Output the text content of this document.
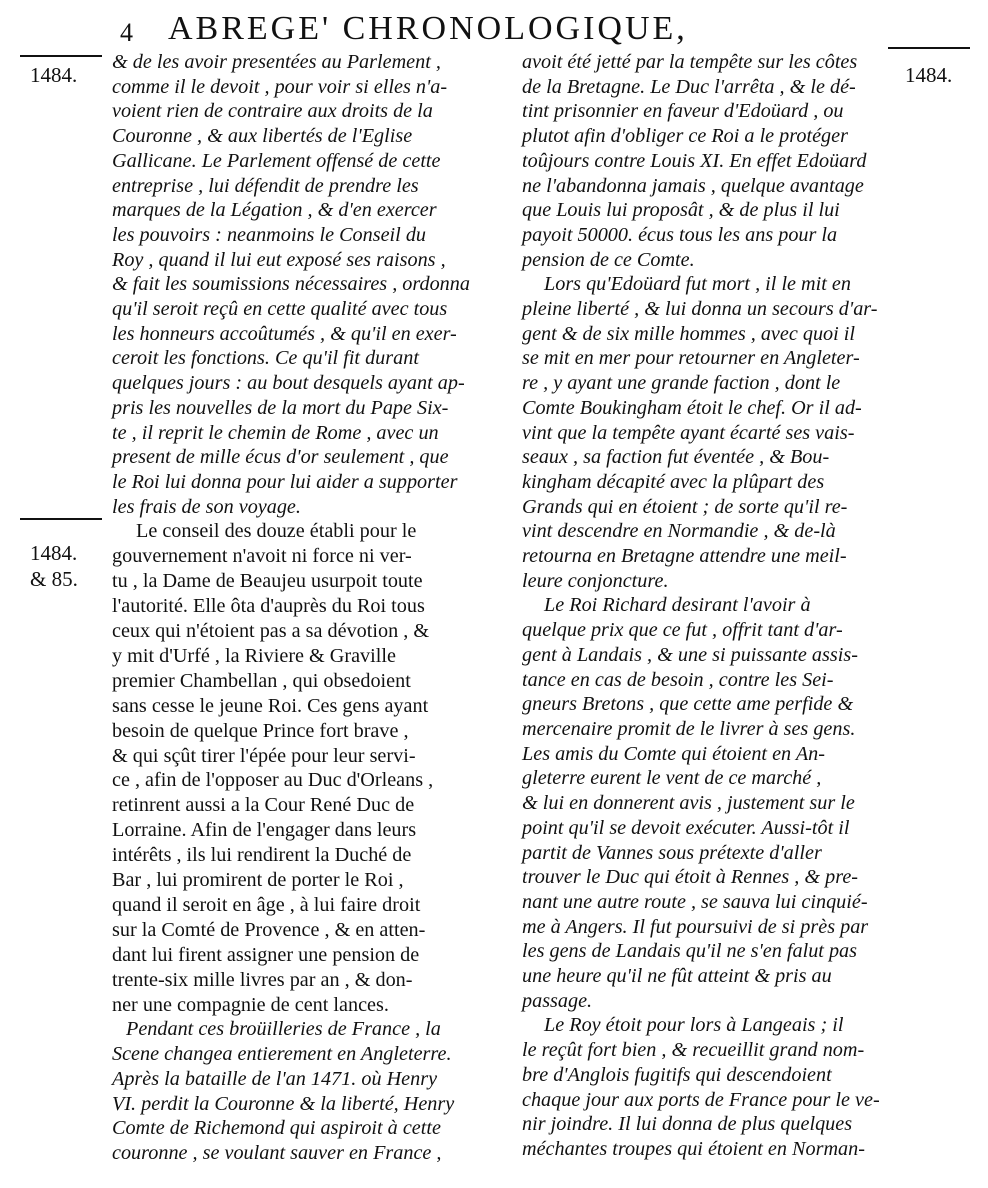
4 ABREGE' CHRONOLOGIQUE,
1484.	1484.
1484.
& 85.

& de les avoir presentées au Parlement ,
comme il le devoit , pour voir si elles n'a-
voient rien de contraire aux droits de la
Couronne , & aux libertés de l'Eglise
Gallicane. Le Parlement offensé de cette
entreprise , lui défendit de prendre les
marques de la Légation , & d'en exercer
les pouvoirs : neanmoins le Conseil du
Roy , quand il lui eut exposé ses raisons ,
& fait les soumissions nécessaires , ordonna
qu'il seroit reçû en cette qualité avec tous
les honneurs accoûtumés , & qu'il en exer-
ceroit les fonctions. Ce qu'il fit durant
quelques jours : au bout desquels ayant ap-
pris les nouvelles de la mort du Pape Six-
te , il reprit le chemin de Rome , avec un
present de mille écus d'or seulement , que
le Roi lui donna pour lui aider a supporter
les frais de son voyage.

Le conseil des douze établi pour le
gouvernement n'avoit ni force ni ver-
tu , la Dame de Beaujeu usurpoit toute
l'autorité. Elle ôta d'auprès du Roi tous
ceux qui n'étoient pas a sa dévotion , &
y mit d'Urfé , la Riviere & Graville
premier Chambellan , qui obsedoient
sans cesse le jeune Roi. Ces gens ayant
besoin de quelque Prince fort brave ,
& qui sçût tirer l'épée pour leur servi-
ce , afin de l'opposer au Duc d'Orleans ,
retinrent aussi a la Cour René Duc de
Lorraine. Afin de l'engager dans leurs
intérêts , ils lui rendirent la Duché de
Bar , lui promirent de porter le Roi ,
quand il seroit en âge , à lui faire droit
sur la Comté de Provence , & en atten-
dant lui firent assigner une pension de
trente-six mille livres par an , & don-
ner une compagnie de cent lances.

Pendant ces broüilleries de France , la
Scene changea entierement en Angleterre.
Après la bataille de l'an 1471. où Henry
VI. perdit la Couronne & la liberté, Henry
Comte de Richemond qui aspiroit à cette
couronne , se voulant sauver en France ,

avoit été jetté par la tempête sur les côtes
de la Bretagne. Le Duc l'arrêta , & le dé-
tint prisonnier en faveur d'Edoüard , ou
plutot afin d'obliger ce Roi a le protéger
toûjours contre Louis XI. En effet Edoüard
ne l'abandonna jamais , quelque avantage
que Louis lui proposât , & de plus il lui
payoit 50000. écus tous les ans pour la
pension de ce Comte.

Lors qu'Edoüard fut mort , il le mit en
pleine liberté , & lui donna un secours d'ar-
gent & de six mille hommes , avec quoi il
se mit en mer pour retourner en Angleter-
re , y ayant une grande faction , dont le
Comte Boukingham étoit le chef. Or il ad-
vint que la tempête ayant écarté ses vais-
seaux , sa faction fut éventée , & Bou-
kingham décapité avec la plûpart des
Grands qui en étoient ; de sorte qu'il re-
vint descendre en Normandie , & de-là
retourna en Bretagne attendre une meil-
leure conjoncture.

Le Roi Richard desirant l'avoir à
quelque prix que ce fut , offrit tant d'ar-
gent à Landais , & une si puissante assis-
tance en cas de besoin , contre les Sei-
gneurs Bretons , que cette ame perfide &
mercenaire promit de le livrer à ses gens.
Les amis du Comte qui étoient en An-
gleterre eurent le vent de ce marché ,
& lui en donnerent avis , justement sur le
point qu'il se devoit exécuter. Aussi-tôt il
partit de Vannes sous prétexte d'aller
trouver le Duc qui étoit à Rennes , & pre-
nant une autre route , se sauva lui cinquié-
me à Angers. Il fut poursuivi de si près par
les gens de Landais qu'il ne s'en falut pas
une heure qu'il ne fût atteint & pris au
passage.

Le Roy étoit pour lors à Langeais ; il
le reçût fort bien , & recueillit grand nom-
bre d'Anglois fugitifs qui descendoient
chaque jour aux ports de France pour le ve-
nir joindre. Il lui donna de plus quelques
méchantes troupes qui étoient en Norman-
